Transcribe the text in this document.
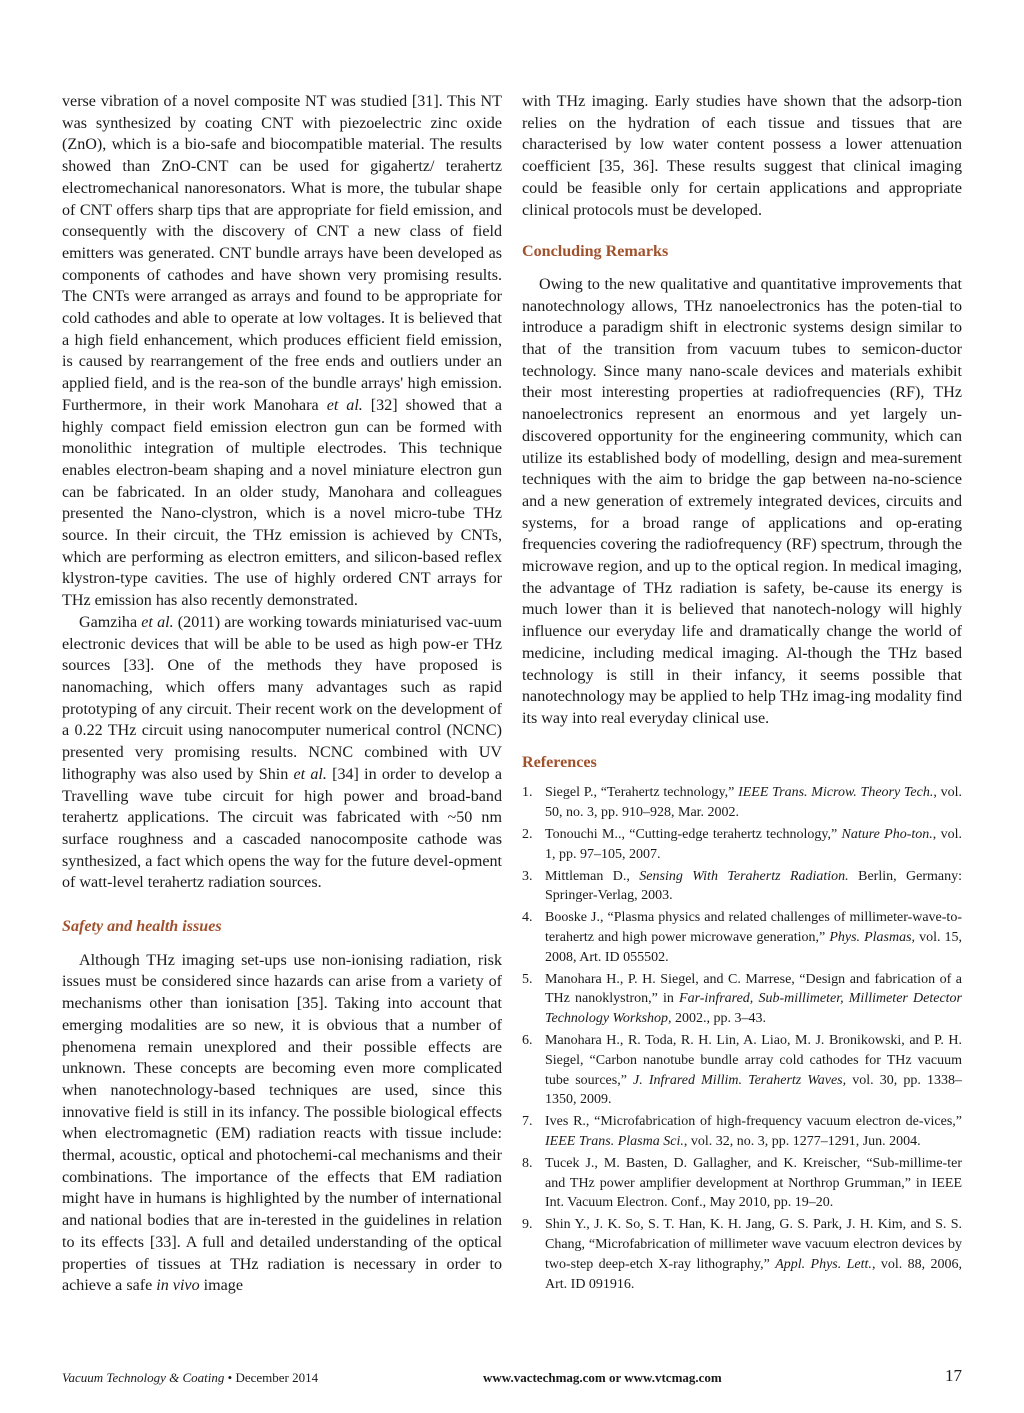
verse vibration of a novel composite NT was studied [31]. This NT was synthesized by coating CNT with piezoelectric zinc oxide (ZnO), which is a bio-safe and biocompatible material. The results showed than ZnO-CNT can be used for gigahertz/ terahertz electromechanical nanoresonators. What is more, the tubular shape of CNT offers sharp tips that are appropriate for field emission, and consequently with the discovery of CNT a new class of field emitters was generated. CNT bundle arrays have been developed as components of cathodes and have shown very promising results. The CNTs were arranged as arrays and found to be appropriate for cold cathodes and able to operate at low voltages. It is believed that a high field enhancement, which produces efficient field emission, is caused by rearrangement of the free ends and outliers under an applied field, and is the rea-son of the bundle arrays' high emission. Furthermore, in their work Manohara et al. [32] showed that a highly compact field emission electron gun can be formed with monolithic integration of multiple electrodes. This technique enables electron-beam shaping and a novel miniature electron gun can be fabricated. In an older study, Manohara and colleagues presented the Nano-clystron, which is a novel micro-tube THz source. In their circuit, the THz emission is achieved by CNTs, which are performing as electron emitters, and silicon-based reflex klystron-type cavities. The use of highly ordered CNT arrays for THz emission has also recently demonstrated.

Gamziha et al. (2011) are working towards miniaturised vac-uum electronic devices that will be able to be used as high pow-er THz sources [33]. One of the methods they have proposed is nanomaching, which offers many advantages such as rapid prototyping of any circuit. Their recent work on the development of a 0.22 THz circuit using nanocomputer numerical control (NCNC) presented very promising results. NCNC combined with UV lithography was also used by Shin et al. [34] in order to develop a Travelling wave tube circuit for high power and broad-band terahertz applications. The circuit was fabricated with ~50 nm surface roughness and a cascaded nanocomposite cathode was synthesized, a fact which opens the way for the future devel-opment of watt-level terahertz radiation sources.

Safety and health issues

Although THz imaging set-ups use non-ionising radiation, risk issues must be considered since hazards can arise from a variety of mechanisms other than ionisation [35]. Taking into account that emerging modalities are so new, it is obvious that a number of phenomena remain unexplored and their possible effects are unknown. These concepts are becoming even more complicated when nanotechnology-based techniques are used, since this innovative field is still in its infancy. The possible biological effects when electromagnetic (EM) radiation reacts with tissue include: thermal, acoustic, optical and photochemi-cal mechanisms and their combinations. The importance of the effects that EM radiation might have in humans is highlighted by the number of international and national bodies that are in-terested in the guidelines in relation to its effects [33]. A full and detailed understanding of the optical properties of tissues at THz radiation is necessary in order to achieve a safe in vivo image

with THz imaging. Early studies have shown that the adsorp-tion relies on the hydration of each tissue and tissues that are characterised by low water content possess a lower attenuation coefficient [35, 36]. These results suggest that clinical imaging could be feasible only for certain applications and appropriate clinical protocols must be developed.

Concluding Remarks

Owing to the new qualitative and quantitative improvements that nanotechnology allows, THz nanoelectronics has the poten-tial to introduce a paradigm shift in electronic systems design similar to that of the transition from vacuum tubes to semicon-ductor technology. Since many nano-scale devices and materials exhibit their most interesting properties at radiofrequencies (RF), THz nanoelectronics represent an enormous and yet largely un-discovered opportunity for the engineering community, which can utilize its established body of modelling, design and mea-surement techniques with the aim to bridge the gap between na-no-science and a new generation of extremely integrated devices, circuits and systems, for a broad range of applications and op-erating frequencies covering the radiofrequency (RF) spectrum, through the microwave region, and up to the optical region. In medical imaging, the advantage of THz radiation is safety, be-cause its energy is much lower than it is believed that nanotech-nology will highly influence our everyday life and dramatically change the world of medicine, including medical imaging. Al-though the THz based technology is still in their infancy, it seems possible that nanotechnology may be applied to help THz imag-ing modality find its way into real everyday clinical use.

References
1. Siegel P., “Terahertz technology,” IEEE Trans. Microw. Theory Tech., vol. 50, no. 3, pp. 910–928, Mar. 2002.
2. Tonouchi M.., “Cutting-edge terahertz technology,” Nature Pho-ton., vol. 1, pp. 97–105, 2007.
3. Mittleman D., Sensing With Terahertz Radiation. Berlin, Germany: Springer-Verlag, 2003.
4. Booske J., “Plasma physics and related challenges of millimeter-wave-to-terahertz and high power microwave generation,” Phys. Plasmas, vol. 15, 2008, Art. ID 055502.
5. Manohara H., P. H. Siegel, and C. Marrese, “Design and fabrication of a THz nanoklystron,” in Far-infrared, Sub-millimeter, Millimeter Detector Technology Workshop, 2002., pp. 3–43.
6. Manohara H., R. Toda, R. H. Lin, A. Liao, M. J. Bronikowski, and P. H. Siegel, “Carbon nanotube bundle array cold cathodes for THz vacuum tube sources,” J. Infrared Millim. Terahertz Waves, vol. 30, pp. 1338–1350, 2009.
7. Ives R., “Microfabrication of high-frequency vacuum electron de-vices,” IEEE Trans. Plasma Sci., vol. 32, no. 3, pp. 1277–1291, Jun. 2004.
8. Tucek J., M. Basten, D. Gallagher, and K. Kreischer, “Sub-millime-ter and THz power amplifier development at Northrop Grumman,” in IEEE Int. Vacuum Electron. Conf., May 2010, pp. 19–20.
9. Shin Y., J. K. So, S. T. Han, K. H. Jang, G. S. Park, J. H. Kim, and S. S. Chang, “Microfabrication of millimeter wave vacuum electron devices by two-step deep-etch X-ray lithography,” Appl. Phys. Lett., vol. 88, 2006, Art. ID 091916.
Vacuum Technology & Coating • December 2014	www.vactechmag.com or www.vtcmag.com	17
